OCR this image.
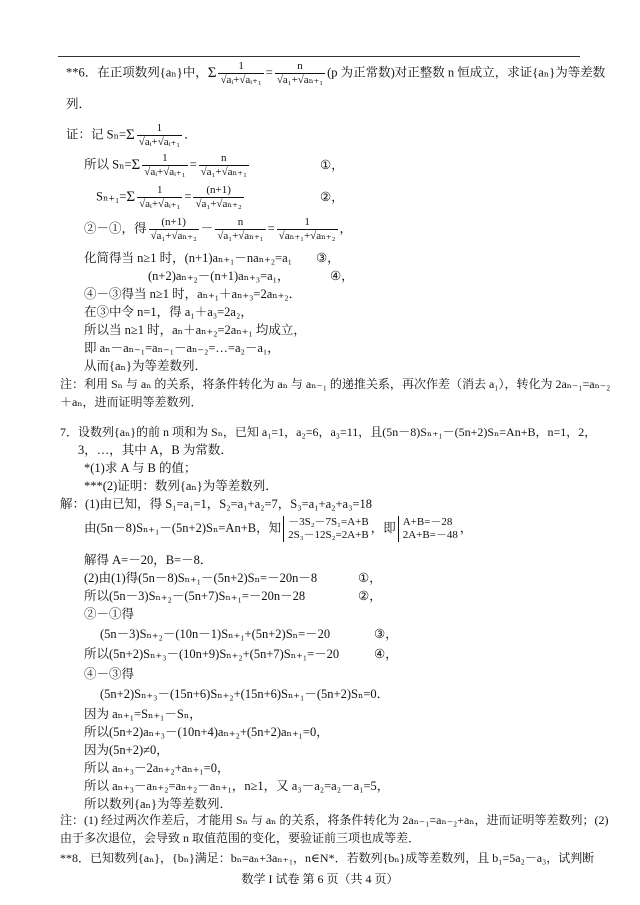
**6．在正项数列{aₙ}中，Σ $\frac{1}{\text{√aᵢ+√aᵢ₊₁}} = \frac{n}{\text{√a₁+√aₙ₊₁}} (p$ 为正常数)对正整数 n 恒成立，求证{aₙ}为等差数
列．
证：记 $S_n=\Sigma \frac{1}{\text{√aᵢ+√aᵢ₊₁}}$ ．
所以 $S_n=\Sigma \frac{1}{\text{√aᵢ+√aᵢ₊₁}} = \frac{n}{\text{√a₁+√aₙ₊₁}}$	①，
$S_{n+1}=\Sigma \frac{1}{\text{√aᵢ+√aᵢ₊₁}} = \frac{(n+1)}{\text{√a₁+√aₙ₊₂}}$	②，
②－①，得 $\frac{(n+1)}{\text{√a₁+√aₙ₊₂}} - \frac{n}{\text{√a₁+√aₙ₊₁}} = \frac{1}{\text{√aₙ₊₁+√aₙ₊₂}}$ ，
化简得当 n≥1 时，(n+1)aₙ₊₁－naₙ₊₂=a₁ ③，
(n+2)aₙ₊₂－(n+1)aₙ₊₃=a₁，	④，
④－③得当 n≥1 时，aₙ₊₁＋aₙ₊₃=2aₙ₊₂．
在③中令 n=1，得 a₁＋a₃=2a₂，
所以当 n≥1 时，aₙ＋aₙ₊₂=2aₙ₊₁ 均成立，
即 aₙ－aₙ₋₁=aₙ₋₁－aₙ₋₂=…=a₂－a₁，
从而{aₙ}为等差数列．
注：利用 Sₙ 与 aₙ 的关系，将条件转化为 aₙ 与 aₙ₋₁ 的递推关系，再次作差（消去 a₁），转化为 2aₙ₋₁=aₙ₋₂
＋aₙ，进而证明等差数列．
7．设数列{aₙ}的前 n 项和为 Sₙ，已知 a₁=1，a₂=6，a₃=11，且(5n－8)Sₙ₊₁－(5n+2)Sₙ=An+B，n=1，2，
3，…，其中 A，B 为常数．
*(1)求 A 与 B 的值；
***(2)证明：数列{aₙ}为等差数列．
解：(1)由已知，得 S₁=a₁=1，S₂=a₁+a₂=7，S₃=a₁+a₂+a₃=18
由(5n－8)Sₙ₊₁－(5n+2)Sₙ=An+B，知 －3S₂－7S₁=A+B
2S₃－12S₂=2A+B
，即 A+B=－28
2A+B=－48
，
解得 A=－20，B=－8．
(2)由(1)得(5n－8)Sₙ₊₁－(5n+2)Sₙ=－20n－8	①，
所以(5n－3)Sₙ₊₂－(5n+7)Sₙ₊₁=－20n－28	②，
②－①得
(5n－3)Sₙ₊₂－(10n－1)Sₙ₊₁+(5n+2)Sₙ=－20	③，
所以(5n+2)Sₙ₊₃－(10n+9)Sₙ₊₂+(5n+7)Sₙ₊₁=－20	④，
④－③得
(5n+2)Sₙ₊₃－(15n+6)Sₙ₊₂+(15n+6)Sₙ₊₁－(5n+2)Sₙ=0．
因为 aₙ₊₁=Sₙ₊₁－Sₙ，
所以(5n+2)aₙ₊₃－(10n+4)aₙ₊₂+(5n+2)aₙ₊₁=0，
因为(5n+2)≠0，
所以 aₙ₊₃－2aₙ₊₂+aₙ₊₁=0，
所以 aₙ₊₃－aₙ₊₂=aₙ₊₂－aₙ₊₁，n≥1，又 a₃－a₂=a₂－a₁=5，
所以数列{aₙ}为等差数列．
注：(1) 经过两次作差后，才能用 Sₙ 与 aₙ 的关系，将条件转化为 2aₙ₋₁=aₙ₋₂+aₙ，进而证明等差数列；(2)
由于多次退位，会导致 n 取值范围的变化，要验证前三项也成等差．
**8．已知数列{aₙ}，{bₙ}满足：bₙ=aₙ+3aₙ₊₁，n∈N*．若数列{bₙ}成等差数列，且 b₁=5a₂－a₃，试判断
数学 I 试卷 第 6 页（共 4 页）
